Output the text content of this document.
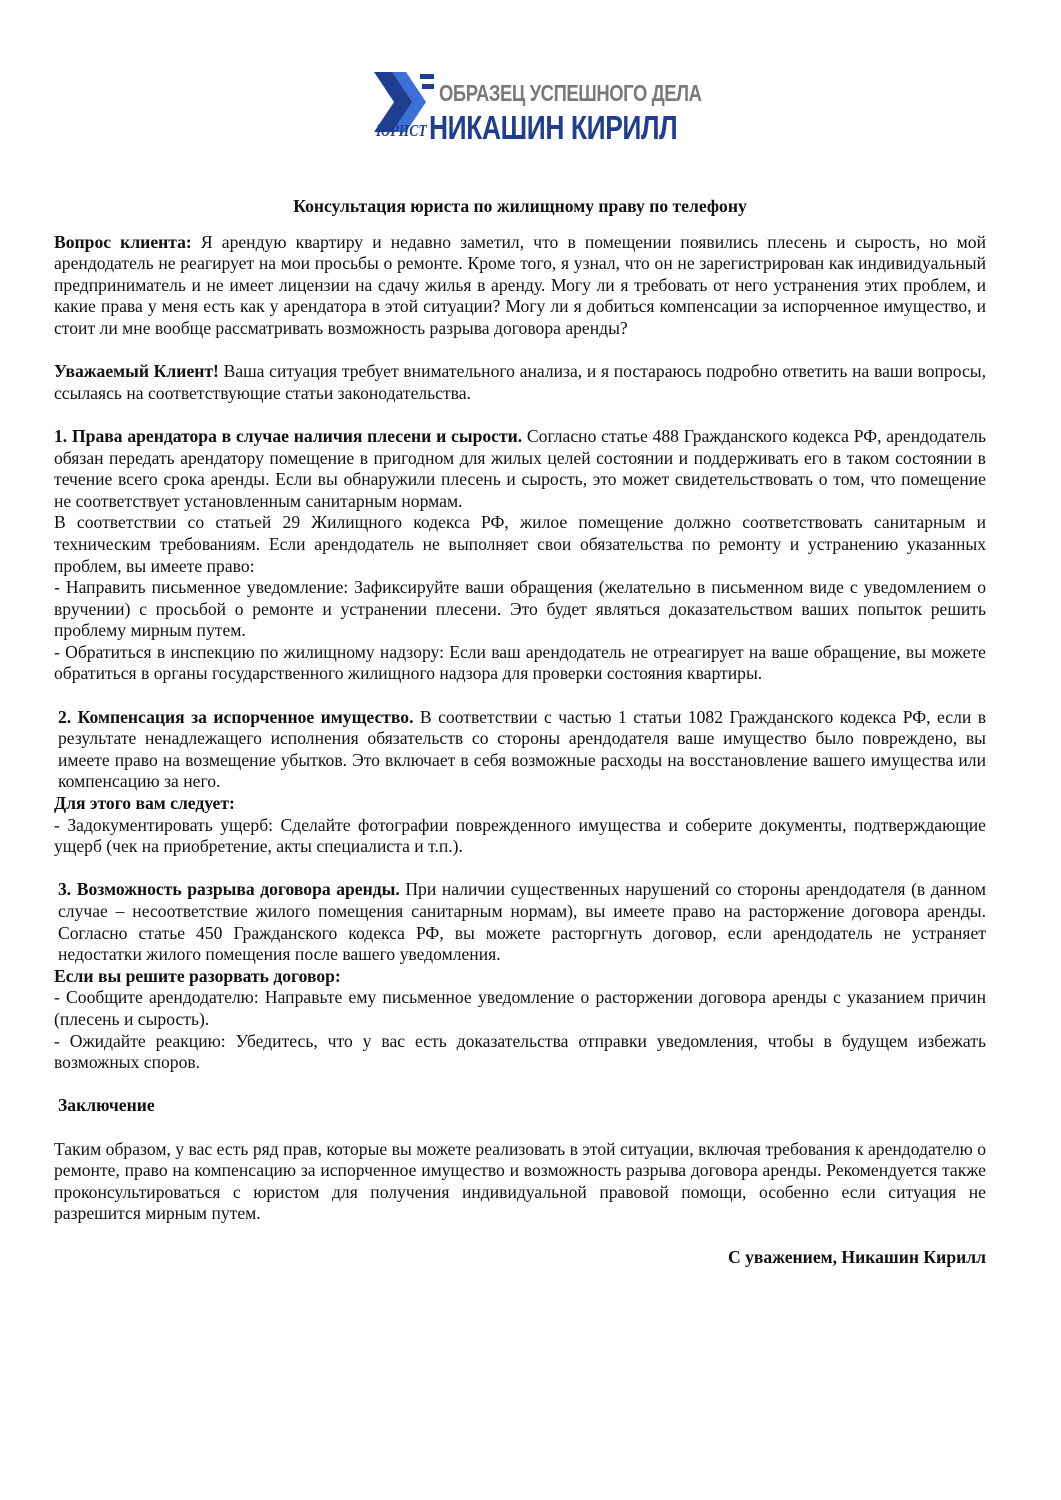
ОБРАЗЕЦ УСПЕШНОГО ДЕЛА
ЮРИСТ НИКАШИН КИРИЛЛ
Консультация юриста по жилищному праву по телефону

Вопрос клиента: Я арендую квартиру и недавно заметил, что в помещении появились плесень и сырость, но мой арендодатель не реагирует на мои просьбы о ремонте. Кроме того, я узнал, что он не зарегистрирован как индивидуальный предприниматель и не имеет лицензии на сдачу жилья в аренду. Могу ли я требовать от него устранения этих проблем, и какие права у меня есть как у арендатора в этой ситуации? Могу ли я добиться компенсации за испорченное имущество, и стоит ли мне вообще рассматривать возможность разрыва договора аренды?

Уважаемый Клиент! Ваша ситуация требует внимательного анализа, и я постараюсь подробно ответить на ваши вопросы, ссылаясь на соответствующие статьи законодательства.

1. Права арендатора в случае наличия плесени и сырости. Согласно статье 488 Гражданского кодекса РФ, арендодатель обязан передать арендатору помещение в пригодном для жилых целей состоянии и поддерживать его в таком состоянии в течение всего срока аренды. Если вы обнаружили плесень и сырость, это может свидетельствовать о том, что помещение не соответствует установленным санитарным нормам.

В соответствии со статьей 29 Жилищного кодекса РФ, жилое помещение должно соответствовать санитарным и техническим требованиям. Если арендодатель не выполняет свои обязательства по ремонту и устранению указанных проблем, вы имеете право:

- Направить письменное уведомление: Зафиксируйте ваши обращения (желательно в письменном виде с уведомлением о вручении) с просьбой о ремонте и устранении плесени. Это будет являться доказательством ваших попыток решить проблему мирным путем.

- Обратиться в инспекцию по жилищному надзору: Если ваш арендодатель не отреагирует на ваше обращение, вы можете обратиться в органы государственного жилищного надзора для проверки состояния квартиры.

2. Компенсация за испорченное имущество. В соответствии с частью 1 статьи 1082 Гражданского кодекса РФ, если в результате ненадлежащего исполнения обязательств со стороны арендодателя ваше имущество было повреждено, вы имеете право на возмещение убытков. Это включает в себя возможные расходы на восстановление вашего имущества или компенсацию за него.

Для этого вам следует:

- Задокументировать ущерб: Сделайте фотографии поврежденного имущества и соберите документы, подтверждающие ущерб (чек на приобретение, акты специалиста и т.п.).

3. Возможность разрыва договора аренды. При наличии существенных нарушений со стороны арендодателя (в данном случае – несоответствие жилого помещения санитарным нормам), вы имеете право на расторжение договора аренды. Согласно статье 450 Гражданского кодекса РФ, вы можете расторгнуть договор, если арендодатель не устраняет недостатки жилого помещения после вашего уведомления.

Если вы решите разорвать договор:

- Сообщите арендодателю: Направьте ему письменное уведомление о расторжении договора аренды с указанием причин (плесень и сырость).

- Ожидайте реакцию: Убедитесь, что у вас есть доказательства отправки уведомления, чтобы в будущем избежать возможных споров.

Заключение

Таким образом, у вас есть ряд прав, которые вы можете реализовать в этой ситуации, включая требования к арендодателю о ремонте, право на компенсацию за испорченное имущество и возможность разрыва договора аренды. Рекомендуется также проконсультироваться с юристом для получения индивидуальной правовой помощи, особенно если ситуация не разрешится мирным путем.

С уважением, Никашин Кирилл
